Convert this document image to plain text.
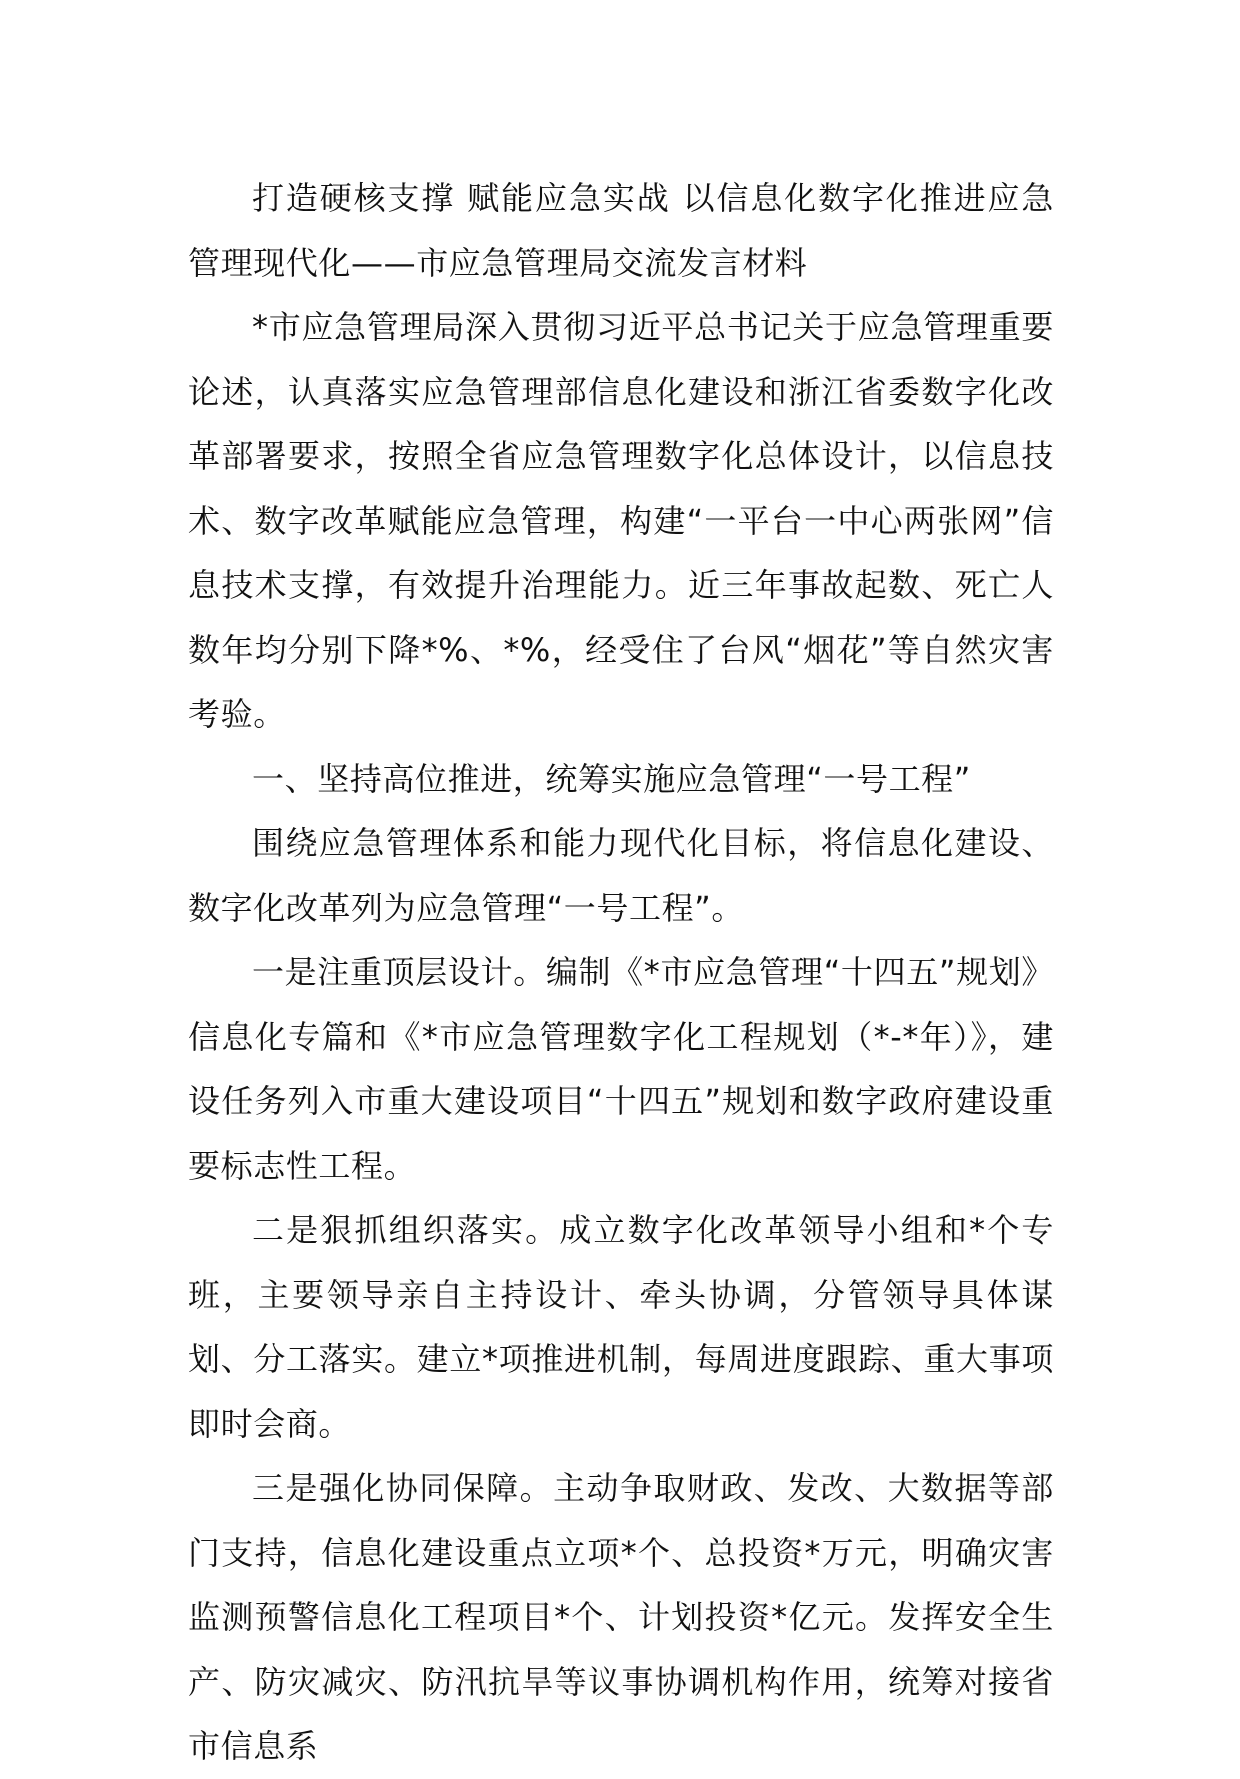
打造硬核支撑 赋能应急实战 以信息化数字化推进应急管理现代化——市应急管理局交流发言材料

*市应急管理局深入贯彻习近平总书记关于应急管理重要论述，认真落实应急管理部信息化建设和浙江省委数字化改革部署要求，按照全省应急管理数字化总体设计，以信息技术、数字改革赋能应急管理，构建“一平台一中心两张网”信息技术支撑，有效提升治理能力。近三年事故起数、死亡人数年均分别下降*%、*%，经受住了台风“烟花”等自然灾害考验。

一、坚持高位推进，统筹实施应急管理“一号工程”

围绕应急管理体系和能力现代化目标，将信息化建设、数字化改革列为应急管理“一号工程”。

一是注重顶层设计。编制《*市应急管理“十四五”规划》信息化专篇和《*市应急管理数字化工程规划（*-*年）》，建设任务列入市重大建设项目“十四五”规划和数字政府建设重要标志性工程。

二是狠抓组织落实。成立数字化改革领导小组和*个专班，主要领导亲自主持设计、牵头协调，分管领导具体谋划、分工落实。建立*项推进机制，每周进度跟踪、重大事项即时会商。

三是强化协同保障。主动争取财政、发改、大数据等部门支持，信息化建设重点立项*个、总投资*万元，明确灾害监测预警信息化工程项目*个、计划投资*亿元。发挥安全生产、防灾减灾、防汛抗旱等议事协调机构作用，统筹对接省市信息系
